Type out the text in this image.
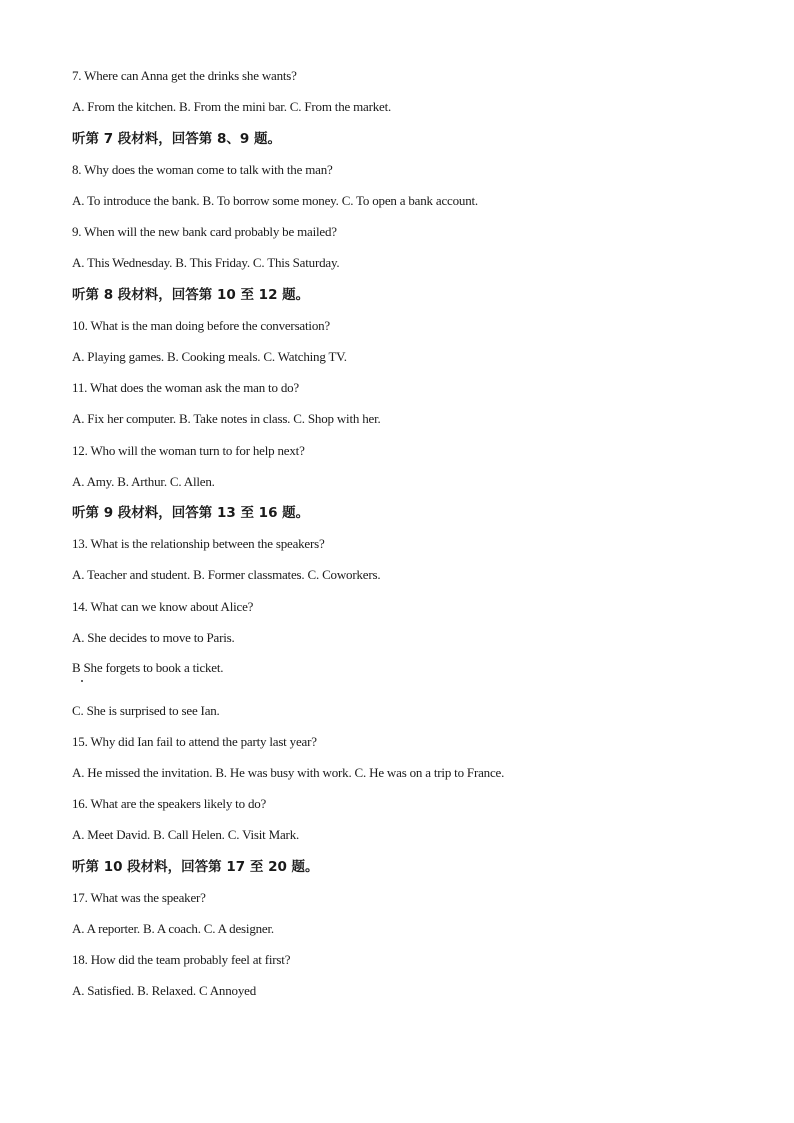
7. Where can Anna get the drinks she wants?
A. From the kitchen. B. From the mini bar. C. From the market.
听第 7 段材料，回答第 8、9 题。
8. Why does the woman come to talk with the man?
A. To introduce the bank. B. To borrow some money. C. To open a bank account.
9. When will the new bank card probably be mailed?
A. This Wednesday. B. This Friday. C. This Saturday.
听第 8 段材料，回答第 10 至 12 题。
10. What is the man doing before the conversation?
A. Playing games. B. Cooking meals. C. Watching TV.
11. What does the woman ask the man to do?
A. Fix her computer. B. Take notes in class. C. Shop with her.
12. Who will the woman turn to for help next?
A. Amy. B. Arthur. C. Allen.
听第 9 段材料，回答第 13 至 16 题。
13. What is the relationship between the speakers?
A. Teacher and student. B. Former classmates. C. Coworkers.
14. What can we know about Alice?
A. She decides to move to Paris.
B She forgets to book a ticket.
C. She is surprised to see Ian.
15. Why did Ian fail to attend the party last year?
A. He missed the invitation. B. He was busy with work. C. He was on a trip to France.
16. What are the speakers likely to do?
A. Meet David. B. Call Helen. C. Visit Mark.
听第 10 段材料，回答第 17 至 20 题。
17. What was the speaker?
A. A reporter. B. A coach. C. A designer.
18. How did the team probably feel at first?
A. Satisfied. B. Relaxed. C Annoyed
